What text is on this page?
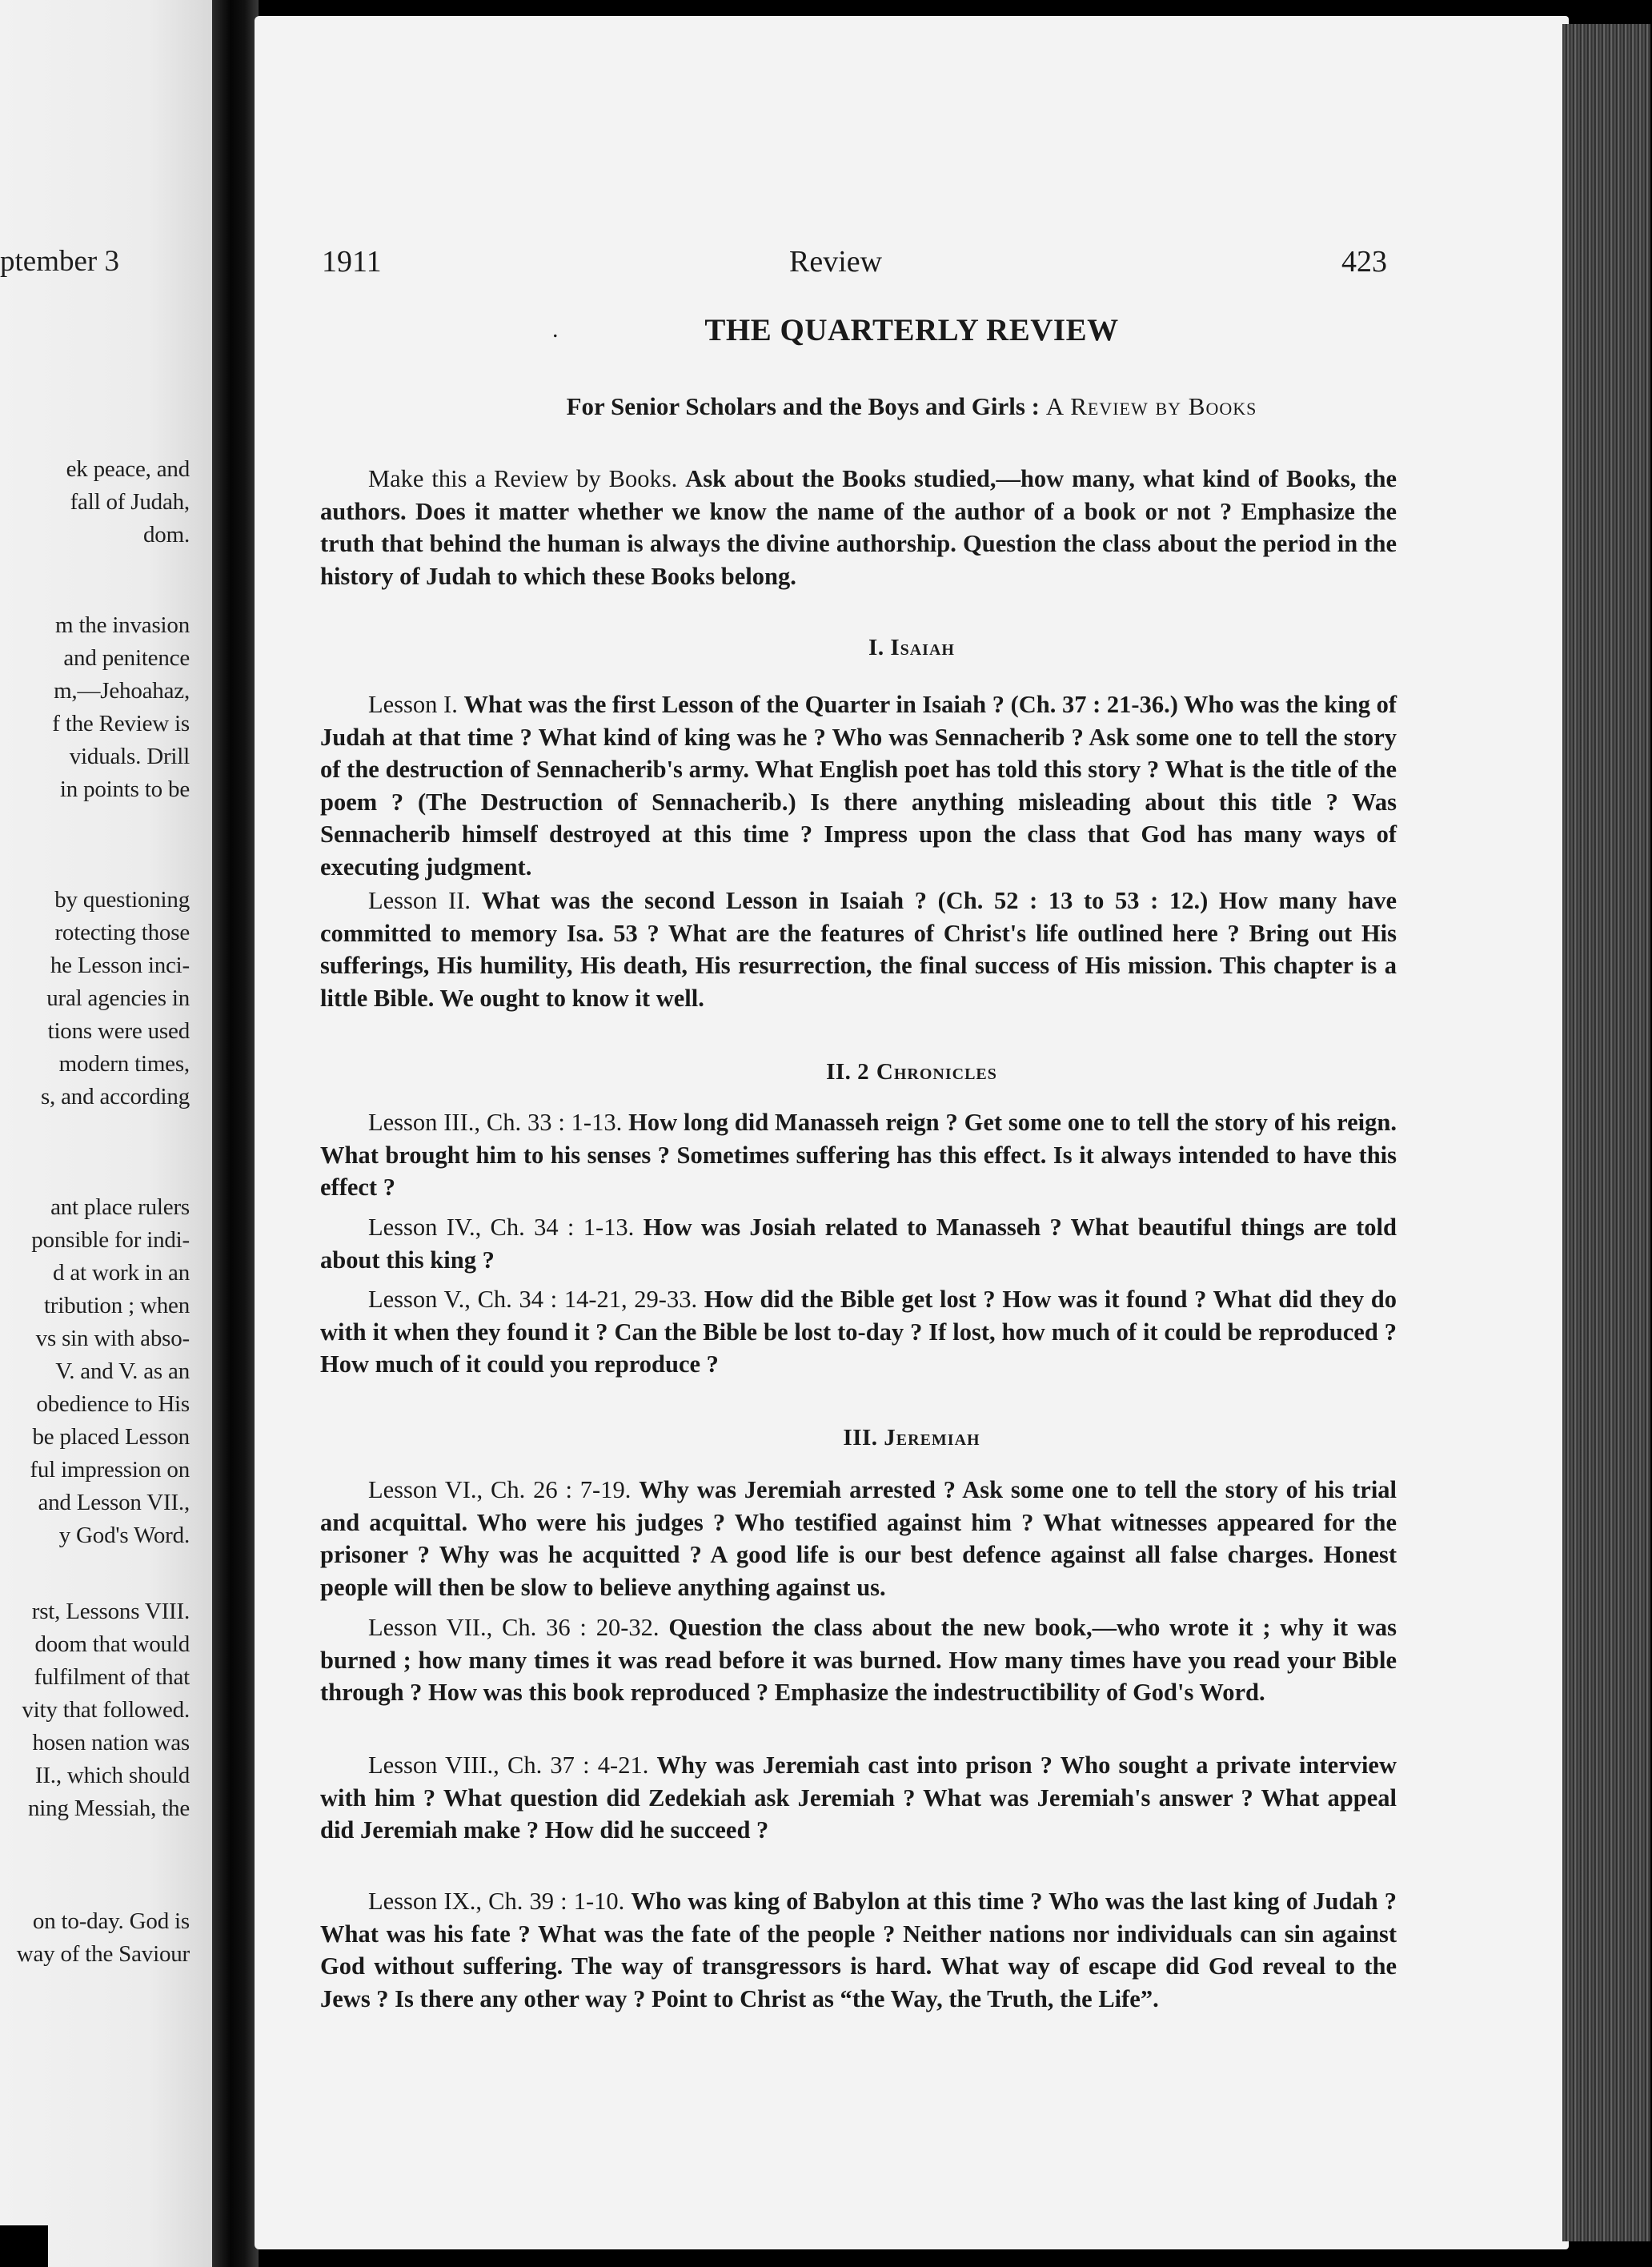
ptember 3
ek peace, and
fall of Judah,
dom.
m the invasion
and penitence
m,—Jehoahaz,
f the Review is
viduals. Drill
in points to be
by questioning
rotecting those
he Lesson inci-
ural agencies in
tions were used
modern times,
s, and according
ant place rulers
ponsible for indi-
d at work in an
tribution ; when
vs sin with abso-
V. and V. as an
obedience to His
be placed Lesson
ful impression on
and Lesson VII.,
y God's Word.
rst, Lessons VIII.
doom that would
fulfilment of that
vity that followed.
hosen nation was
II., which should
ning Messiah, the
on to-day. God is
way of the Saviour
1911	Review	423
.	THE QUARTERLY REVIEW
For Senior Scholars and the Boys and Girls : A Review by Books
Make this a Review by Books. Ask about the Books studied,—how many, what kind of Books, the authors. Does it matter whether we know the name of the author of a book or not ? Emphasize the truth that behind the human is always the divine authorship. Question the class about the period in the history of Judah to which these Books belong.
I. Isaiah
Lesson I. What was the first Lesson of the Quarter in Isaiah ? (Ch. 37 : 21-36.) Who was the king of Judah at that time ? What kind of king was he ? Who was Sennacherib ? Ask some one to tell the story of the destruction of Sennacherib's army. What English poet has told this story ? What is the title of the poem ? (The Destruction of Sennacherib.) Is there anything misleading about this title ? Was Sennacherib himself destroyed at this time ? Impress upon the class that God has many ways of executing judgment.
Lesson II. What was the second Lesson in Isaiah ? (Ch. 52 : 13 to 53 : 12.) How many have committed to memory Isa. 53 ? What are the features of Christ's life outlined here ? Bring out His sufferings, His humility, His death, His resurrection, the final success of His mission. This chapter is a little Bible. We ought to know it well.
II. 2 Chronicles
Lesson III., Ch. 33 : 1-13. How long did Manasseh reign ? Get some one to tell the story of his reign. What brought him to his senses ? Sometimes suffering has this effect. Is it always intended to have this effect ?
Lesson IV., Ch. 34 : 1-13. How was Josiah related to Manasseh ? What beautiful things are told about this king ?
Lesson V., Ch. 34 : 14-21, 29-33. How did the Bible get lost ? How was it found ? What did they do with it when they found it ? Can the Bible be lost to-day ? If lost, how much of it could be reproduced ? How much of it could you reproduce ?
III. Jeremiah
Lesson VI., Ch. 26 : 7-19. Why was Jeremiah arrested ? Ask some one to tell the story of his trial and acquittal. Who were his judges ? Who testified against him ? What witnesses appeared for the prisoner ? Why was he acquitted ? A good life is our best defence against all false charges. Honest people will then be slow to believe anything against us.
Lesson VII., Ch. 36 : 20-32. Question the class about the new book,—who wrote it ; why it was burned ; how many times it was read before it was burned. How many times have you read your Bible through ? How was this book reproduced ? Emphasize the indestructibility of God's Word.
Lesson VIII., Ch. 37 : 4-21. Why was Jeremiah cast into prison ? Who sought a private interview with him ? What question did Zedekiah ask Jeremiah ? What was Jeremiah's answer ? What appeal did Jeremiah make ? How did he succeed ?
Lesson IX., Ch. 39 : 1-10. Who was king of Babylon at this time ? Who was the last king of Judah ? What was his fate ? What was the fate of the people ? Neither nations nor individuals can sin against God without suffering. The way of transgressors is hard. What way of escape did God reveal to the Jews ? Is there any other way ? Point to Christ as “the Way, the Truth, the Life”.
